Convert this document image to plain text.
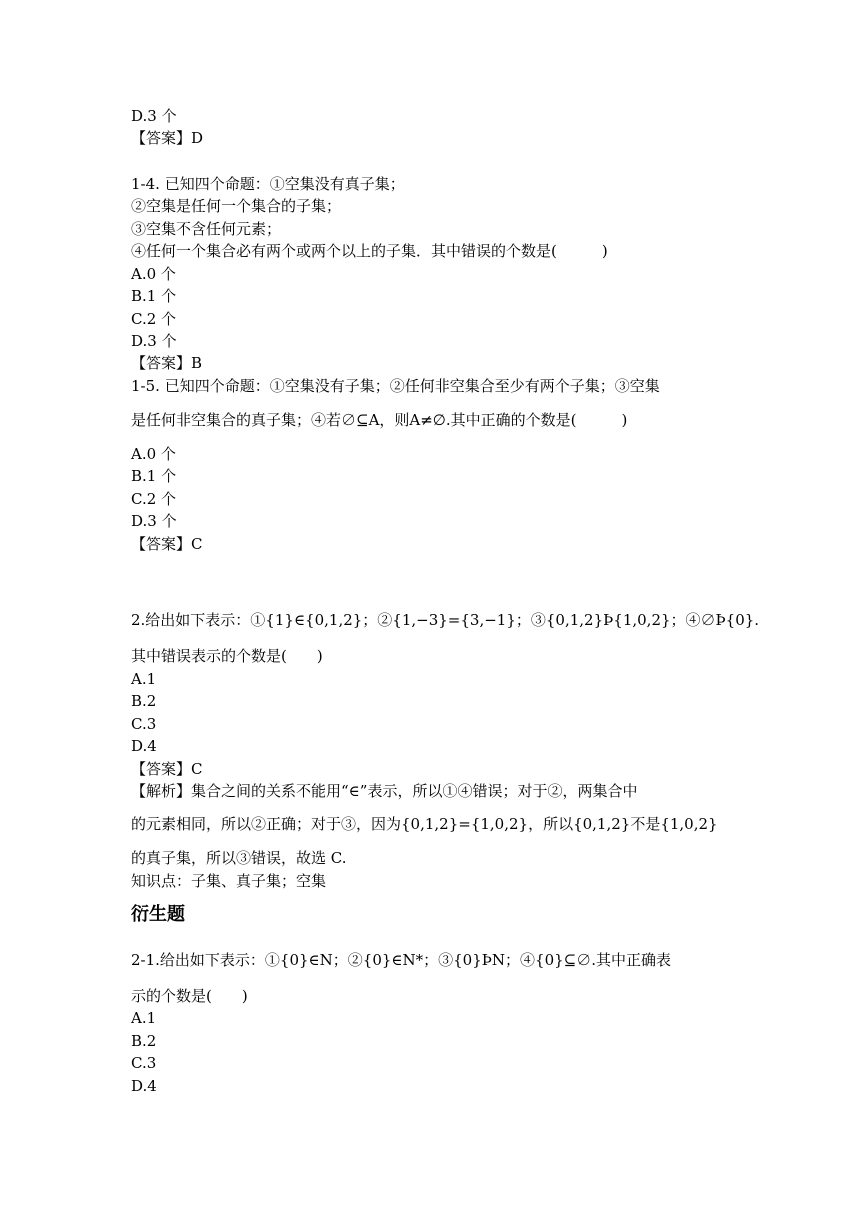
D.3 个
【答案】D
1-4. 已知四个命题：①空集没有真子集；
②空集是任何一个集合的子集；
③空集不含任何元素；
④任何一个集合必有两个或两个以上的子集．其中错误的个数是(　　　)
A.0 个
B.1 个
C.2 个
D.3 个
【答案】B
1-5. 已知四个命题：①空集没有子集；②任何非空集合至少有两个子集；③空集
是任何非空集合的真子集；④若∅⊆A，则A≠∅.其中正确的个数是(　　　)
A.0 个
B.1 个
C.2 个
D.3 个
【答案】C
2.给出如下表示：①{1}∈{0,1,2}；②{1,−3}={3,−1}；③{0,1,2}Þ{1,0,2}；④∅Þ{0}.
其中错误表示的个数是(　　)
A.1
B.2
C.3
D.4
【答案】C
【解析】集合之间的关系不能用“∈”表示，所以①④错误；对于②，两集合中
的元素相同，所以②正确；对于③，因为{0,1,2}={1,0,2}，所以{0,1,2}不是{1,0,2}
的真子集，所以③错误，故选 C.
知识点：子集、真子集；空集
衍生题
2-1.给出如下表示：①{0}∈N；②{0}∈N*；③{0}ÞN；④{0}⊆∅.其中正确表
示的个数是(　　)
A.1
B.2
C.3
D.4
